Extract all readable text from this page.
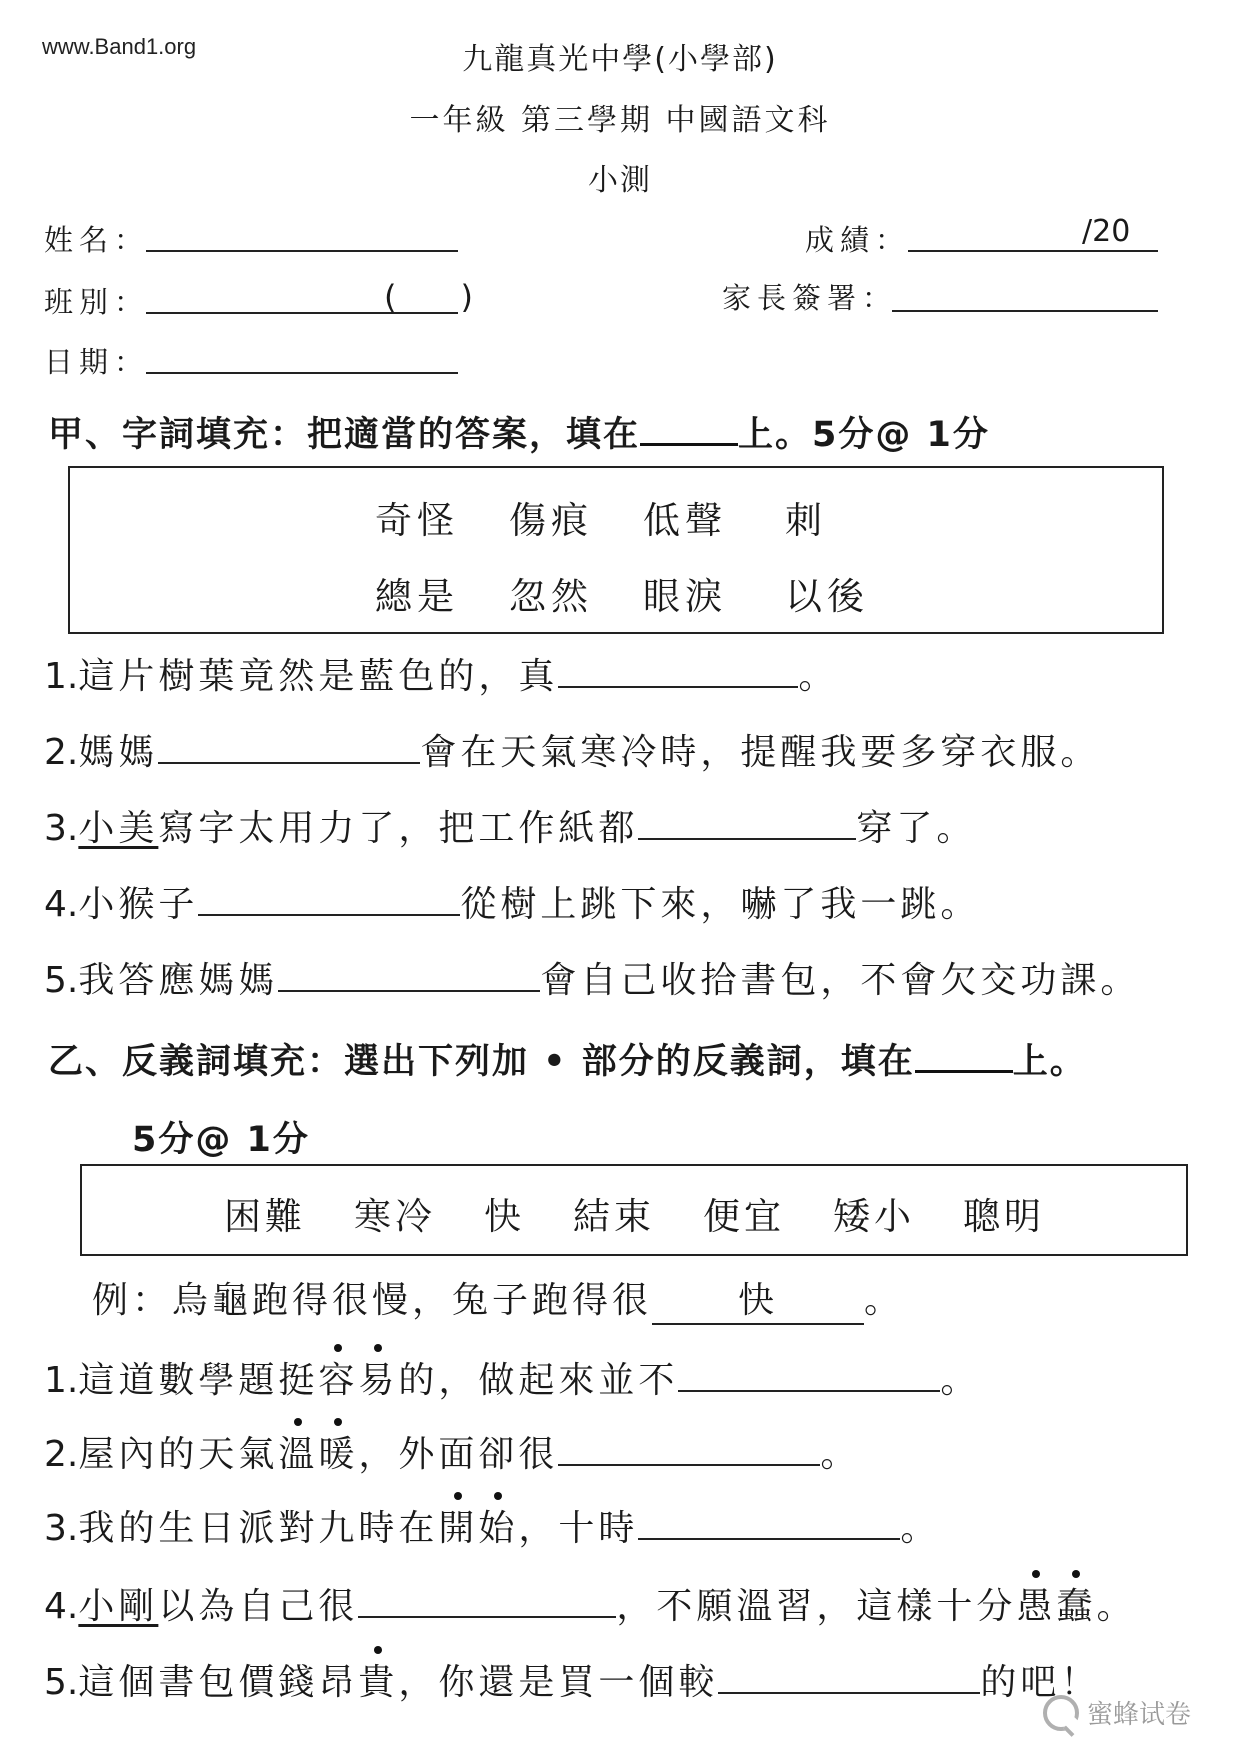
www.Band1.org	九龍真光中學(小學部)
一年級 第三學期 中國語文科
小測
姓名：
班別：	(　　)
日期：
成績：	/20
家長簽署：
甲、字詞填充：把適當的答案，填在	上。5分@ 1分
奇怪 傷痕 低聲 刺
總是 忽然 眼淚 以後
1.這片樹葉竟然是藍色的，真	。
2.媽媽	會在天氣寒冷時，提醒我要多穿衣服。
3.小美寫字太用力了，把工作紙都	穿了。
4.小猴子	從樹上跳下來，嚇了我一跳。
5.我答應媽媽	會自己收拾書包，不會欠交功課。
乙、反義詞填充：選出下列加 • 部分的反義詞，填在	上。
5分@ 1分
困難 寒冷 快 結束 便宜 矮小 聰明
例：烏龜跑得很慢，兔子跑得很 快 。
1.這道數學題挺容易的，做起來並不	。
2.屋內的天氣溫暖，外面卻很	。
3.我的生日派對九時在開始，十時	。
4.小剛以為自己很	，不願溫習，這樣十分愚蠢。
5.這個書包價錢昂貴，你還是買一個較	的吧！
蜜蜂试卷
